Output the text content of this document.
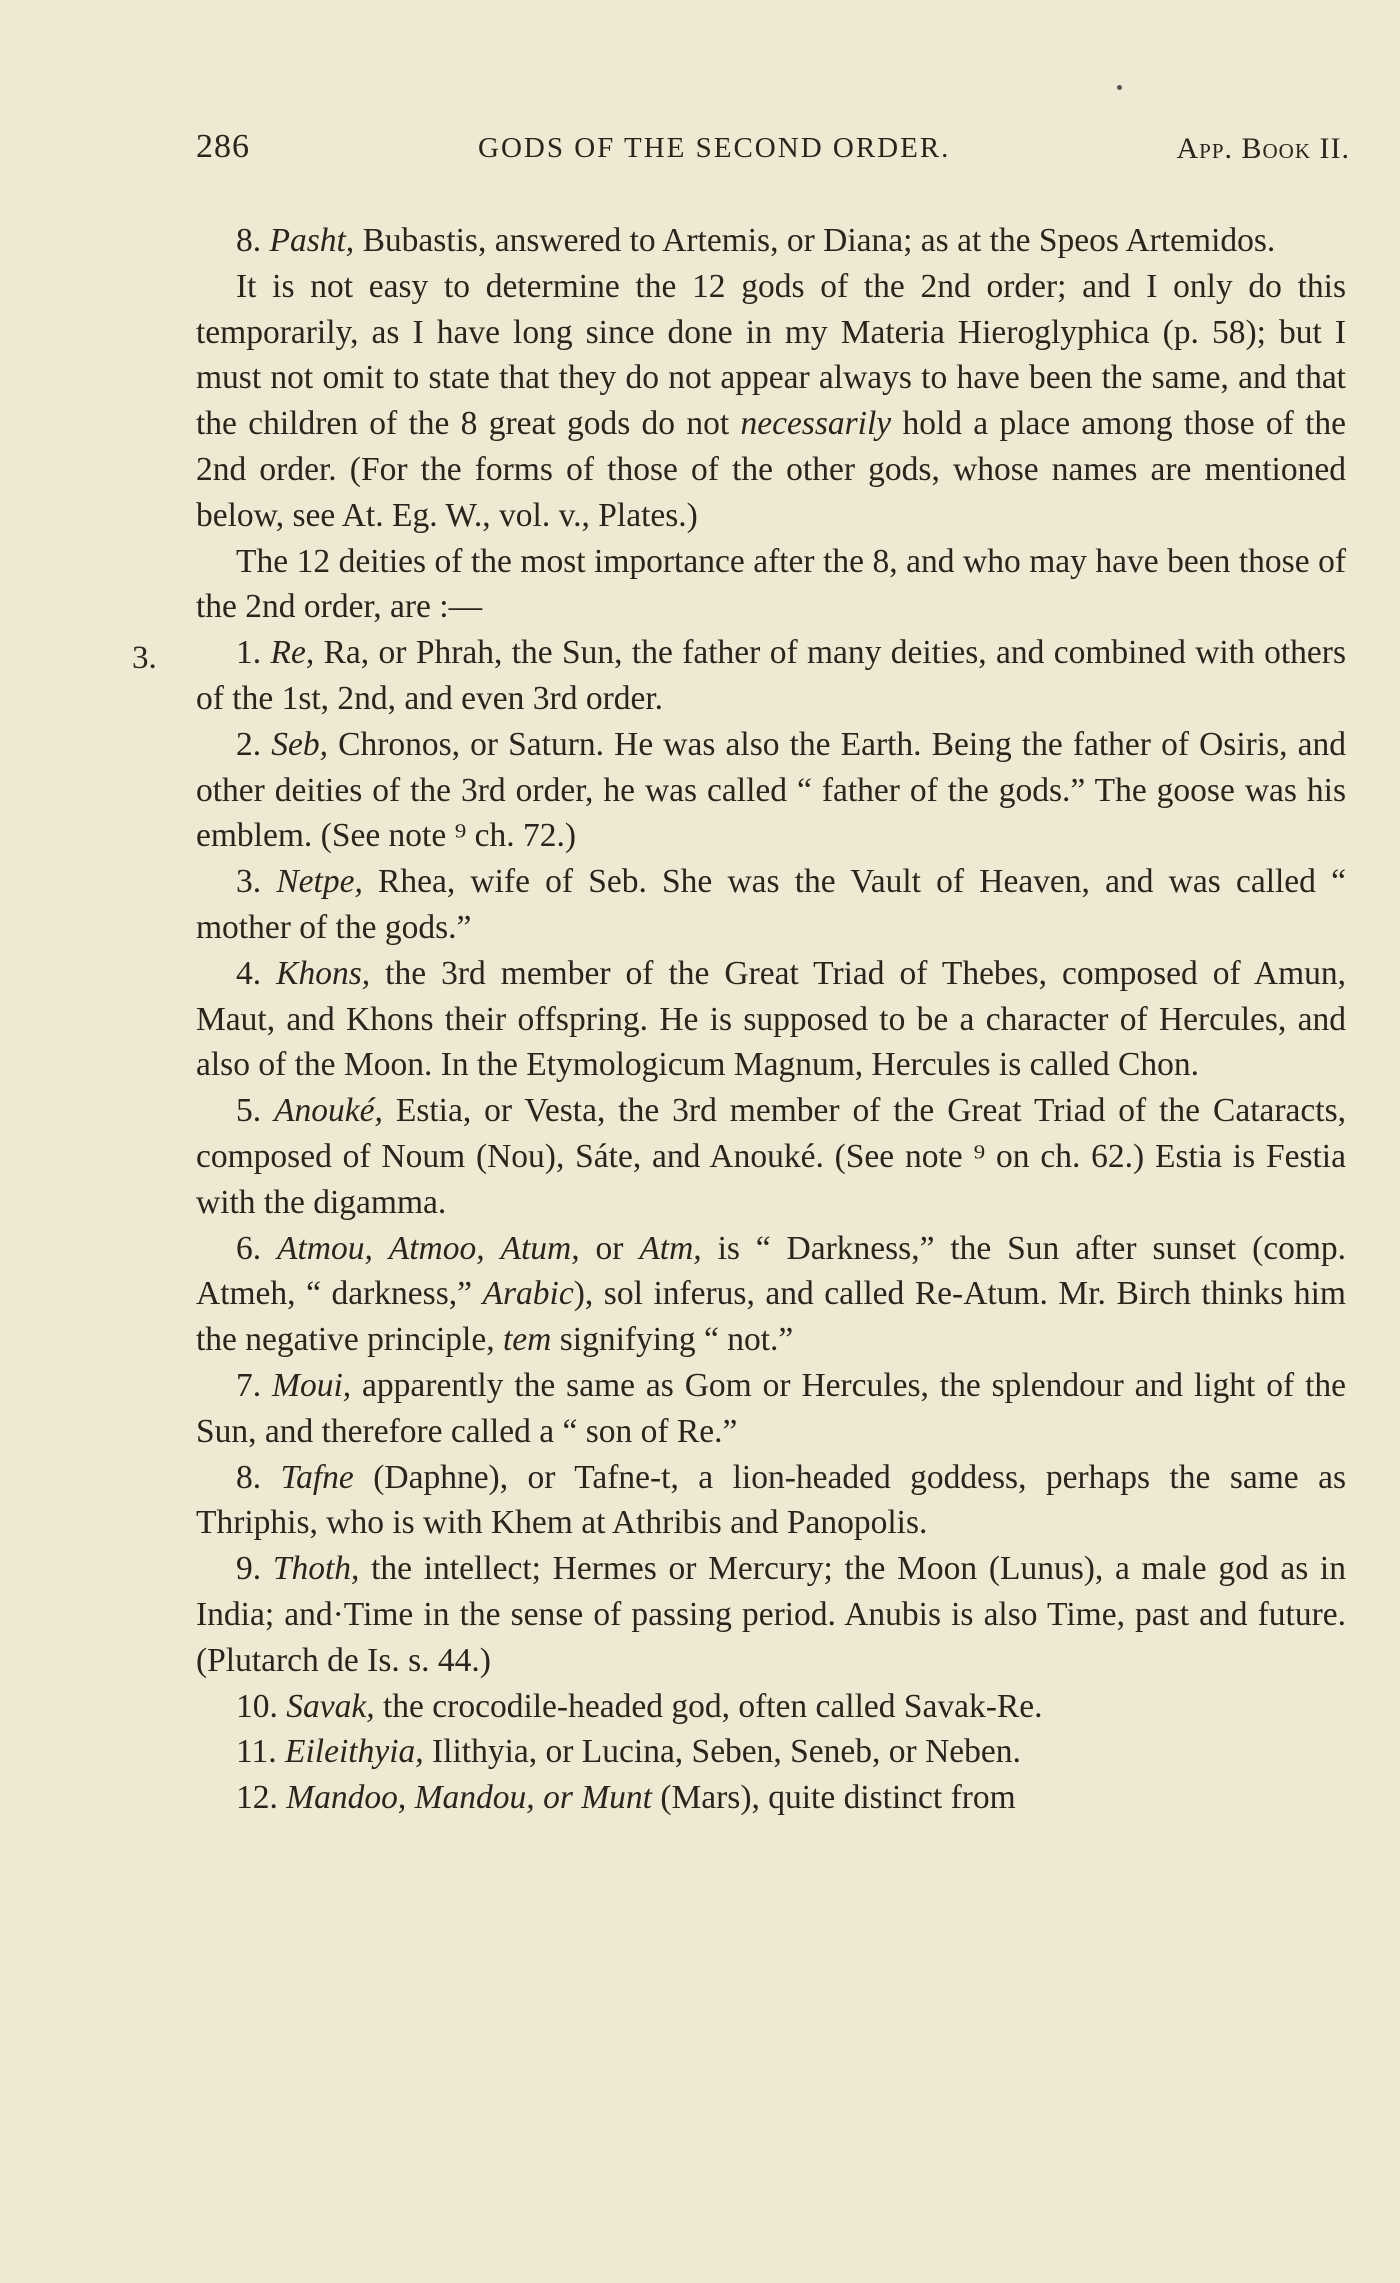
286	GODS OF THE SECOND ORDER.	App. Book II.
3.

8. Pasht, Bubastis, answered to Artemis, or Diana; as at the Speos Artemidos.

It is not easy to determine the 12 gods of the 2nd order; and I only do this temporarily, as I have long since done in my Materia Hieroglyphica (p. 58); but I must not omit to state that they do not appear always to have been the same, and that the children of the 8 great gods do not necessarily hold a place among those of the 2nd order. (For the forms of those of the other gods, whose names are mentioned below, see At. Eg. W., vol. v., Plates.)

The 12 deities of the most importance after the 8, and who may have been those of the 2nd order, are :—

1. Re, Ra, or Phrah, the Sun, the father of many deities, and combined with others of the 1st, 2nd, and even 3rd order.

2. Seb, Chronos, or Saturn. He was also the Earth. Being the father of Osiris, and other deities of the 3rd order, he was called “ father of the gods.” The goose was his emblem. (See note ⁹ ch. 72.)

3. Netpe, Rhea, wife of Seb. She was the Vault of Heaven, and was called “ mother of the gods.”

4. Khons, the 3rd member of the Great Triad of Thebes, composed of Amun, Maut, and Khons their offspring. He is supposed to be a character of Hercules, and also of the Moon. In the Etymologicum Magnum, Hercules is called Chon.

5. Anouké, Estia, or Vesta, the 3rd member of the Great Triad of the Cataracts, composed of Noum (Nou), Sáte, and Anouké. (See note ⁹ on ch. 62.) Estia is Festia with the digamma.

6. Atmou, Atmoo, Atum, or Atm, is “ Darkness,” the Sun after sunset (comp. Atmeh, “ darkness,” Arabic), sol inferus, and called Re-Atum. Mr. Birch thinks him the negative principle, tem signifying “ not.”

7. Moui, apparently the same as Gom or Hercules, the splendour and light of the Sun, and therefore called a “ son of Re.”

8. Tafne (Daphne), or Tafne-t, a lion-headed goddess, perhaps the same as Thriphis, who is with Khem at Athribis and Panopolis.

9. Thoth, the intellect; Hermes or Mercury; the Moon (Lunus), a male god as in India; and·Time in the sense of passing period. Anubis is also Time, past and future. (Plutarch de Is. s. 44.)

10. Savak, the crocodile-headed god, often called Savak-Re.

11. Eileithyia, Ilithyia, or Lucina, Seben, Seneb, or Neben.

12. Mandoo, Mandou, or Munt (Mars), quite distinct from
